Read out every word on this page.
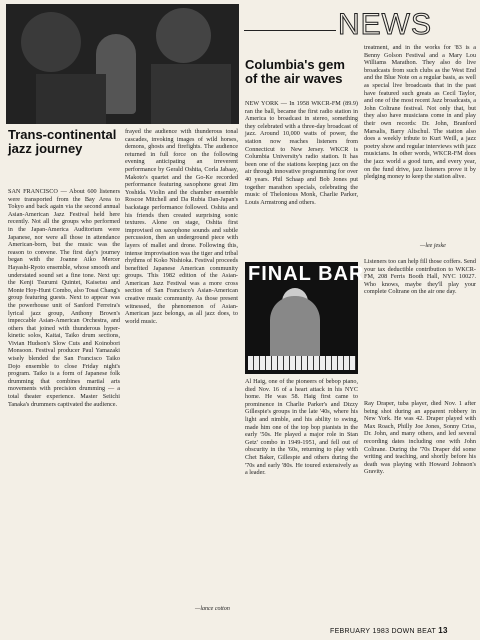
NEWS
Trans-continental jazz journey
SAN FRANCISCO — About 600 listeners were transported from the Bay Area to Tokyo and back again via the second annual Asian-American Jazz Festival held here recently. Not all the groups who performed in the Japan-America Auditorium were Japanese, nor were all those in attendance American-born, but the music was the reason to convene. The first day's journey began with the Joanne Aiko Mercer Hayashi-Ryoto ensemble, whose smooth and understated sound set a fine tone. Next up: the Kenji Tsurumi Quintet, Kaisetsu and Monte Hoy-Hunt Combo, also Tosai Chang's group featuring guests. Next to appear was the powerhouse unit of Sanford Ferreira's lyrical jazz group, Anthony Brown's impeccable Asian-American Orchestra, and others that joined with thunderous hyper-kinetic solos, Kaitai, Taiko drum sections, Vivian Hudson's Slow Cuts and Koinobori Monsoon. Festival producer Paul Yamazaki wisely blended the San Francisco Taiko Dojo ensemble to close Friday night's program. Taiko is a form of Japanese folk drumming that combines martial arts movements with precision drumming — a total theater experience. Master Seiichi Tanaka's drummers captivated the audience.
frayed the audience with thunderous tonal cascades, invoking images of wild horses, demons, ghosts and firefights. The audience returned in full force on the following evening anticipating an irreverent performance by Gerald Oshita, Corla Jabaay, Makoto's quartet and the Go-Ke recorded performance featuring saxophone great Jim Yoshida. Violin and the chamber ensemble Roscoe Mitchell and Da Rubia Dan-Japan's backstage performance followed. Oshita and his friends then created surprising sonic textures. Alone on stage, Oshita first improvised on saxophone sounds and subtle percussion, then an underground piece with layers of mallet and drone. Following this, intense improvisation was the tiger and tribal rhythms of Koko Nishioka. Festival proceeds benefited Japanese American community groups. This 1982 edition of the Asian-American Jazz Festival was a more cross section of San Francisco's Asian-American creative music community. As those present witnessed, the phenomenon of Asian-American jazz belongs, as all jazz does, to world music.
—lance cotton
Columbia's gem of the air waves
NEW YORK — In 1958 WKCR-FM (89.9) ran the ball, became the first radio station in America to broadcast in stereo, something they celebrated with a three-day broadcast of jazz. Around 10,000 watts of power, the station now reaches listeners from Connecticut to New Jersey. WKCR is Columbia University's radio station. It has been one of the stations keeping jazz on the air through innovative programming for over 40 years. Phil Schaap and Bob Jones put together marathon specials, celebrating the music of Thelonious Monk, Charlie Parker, Louis Armstrong and others.
treatment, and in the works for '83 is a Benny Golson Festival and a Mary Lou Williams Marathon. They also do live broadcasts from such clubs as the West End and the Blue Note on a regular basis, as well as special live broadcasts that in the past have featured such greats as Cecil Taylor, and one of the most recent Jazz broadcasts, a John Coltrane festival. Not only that, but they also have musicians come in and play their own records: Dr. John, Branford Marsalis, Barry Altschul. The station also does a weekly tribute to Kurt Weill, a jazz poetry show and regular interviews with jazz musicians. In other words, WKCR-FM does the jazz world a good turn, and every year, on the fund drive, jazz listeners prove it by pledging money to keep the station alive.
Listeners too can help fill those coffers. Send your tax deductible contribution to WKCR-FM, 208 Ferris Booth Hall, NYC 10027. Who knows, maybe they'll play your complete Coltrane on the air one day.
—lee jeske
FINAL BAR
Al Haig, one of the pioneers of bebop piano, died Nov. 16 of a heart attack in his NYC home. He was 58. Haig first came to prominence in Charlie Parker's and Dizzy Gillespie's groups in the late '40s, where his light and nimble, and his ability to swing, made him one of the top bop pianists in the early '50s. He played a major role in Stan Getz' combo in 1949-1951, and fell out of obscurity in the '60s, returning to play with Chet Baker, Gillespie and others during the '70s and early '80s. He toured extensively as a leader.
Ray Draper, tuba player, died Nov. 1 after being shot during an apparent robbery in New York. He was 42. Draper played with Max Roach, Philly Joe Jones, Sonny Criss, Dr. John, and many others, and led several recording dates including one with John Coltrane. During the '70s Draper did some writing and teaching, and shortly before his death was playing with Howard Johnson's Gravity.
FEBRUARY 1983 DOWN BEAT 13
